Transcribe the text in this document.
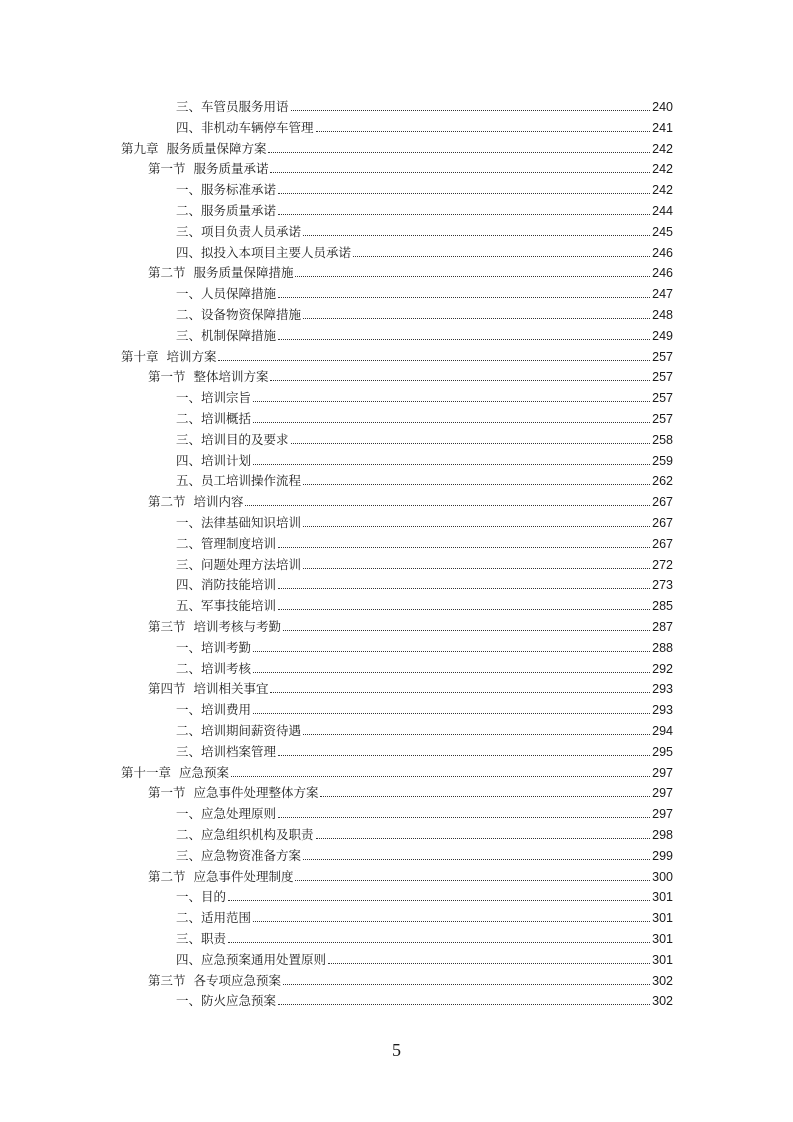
三、车管员服务用语	240
四、非机动车辆停车管理	241
第九章  服务质量保障方案	242
第一节  服务质量承诺	242
一、服务标准承诺	242
二、服务质量承诺	244
三、项目负责人员承诺	245
四、拟投入本项目主要人员承诺	246
第二节  服务质量保障措施	246
一、人员保障措施	247
二、设备物资保障措施	248
三、机制保障措施	249
第十章  培训方案	257
第一节  整体培训方案	257
一、培训宗旨	257
二、培训概括	257
三、培训目的及要求	258
四、培训计划	259
五、员工培训操作流程	262
第二节  培训内容	267
一、法律基础知识培训	267
二、管理制度培训	267
三、问题处理方法培训	272
四、消防技能培训	273
五、军事技能培训	285
第三节  培训考核与考勤	287
一、培训考勤	288
二、培训考核	292
第四节  培训相关事宜	293
一、培训费用	293
二、培训期间薪资待遇	294
三、培训档案管理	295
第十一章  应急预案	297
第一节  应急事件处理整体方案	297
一、应急处理原则	297
二、应急组织机构及职责	298
三、应急物资准备方案	299
第二节  应急事件处理制度	300
一、目的	301
二、适用范围	301
三、职责	301
四、应急预案通用处置原则	301
第三节  各专项应急预案	302
一、防火应急预案	302
5
